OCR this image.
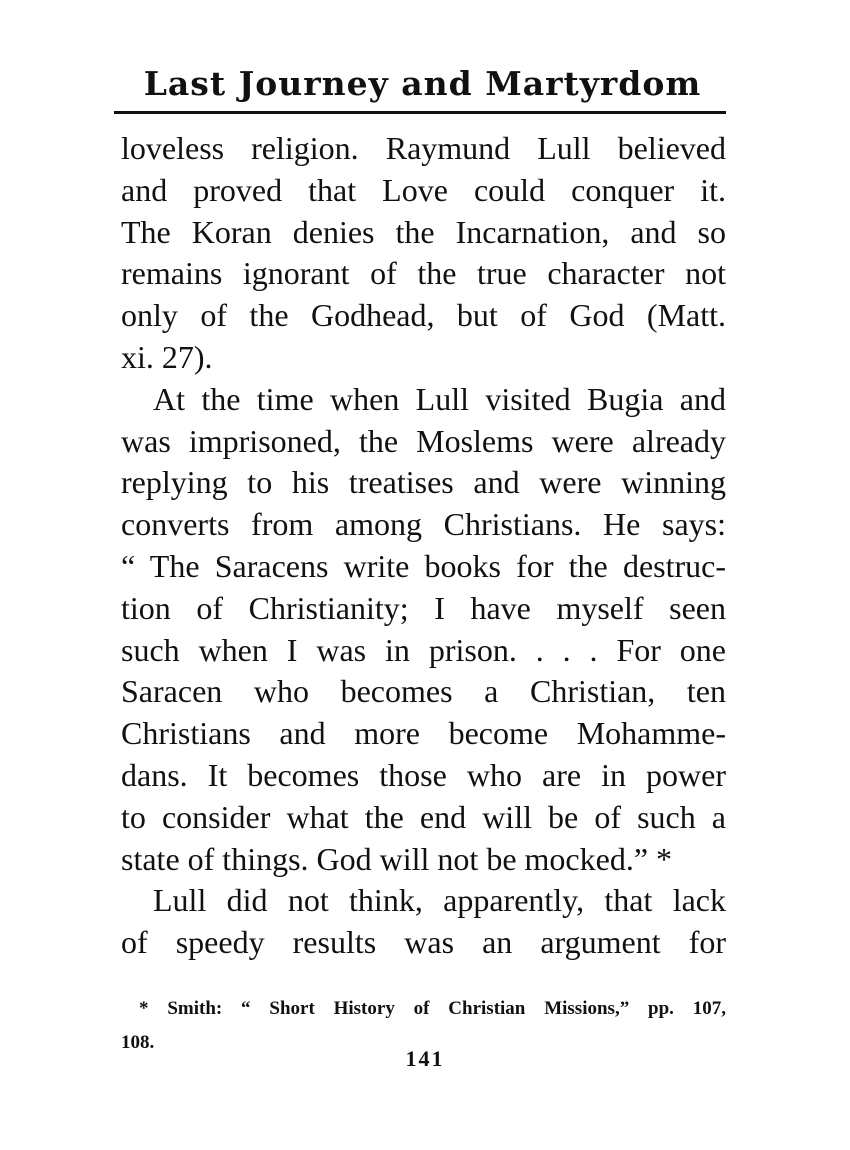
Last Journey and Martyrdom
loveless religion. Raymund Lull believed
and proved that Love could conquer it.
The Koran denies the Incarnation, and so
remains ignorant of the true character not
only of the Godhead, but of God (Matt.
xi. 27).
At the time when Lull visited Bugia and
was imprisoned, the Moslems were already
replying to his treatises and were winning
converts from among Christians. He says:
“ The Saracens write books for the destruc-
tion of Christianity; I have myself seen
such when I was in prison. . . . For one
Saracen who becomes a Christian, ten
Christians and more become Mohamme-
dans. It becomes those who are in power
to consider what the end will be of such a
state of things. God will not be mocked.” *
Lull did not think, apparently, that lack
of speedy results was an argument for
* Smith: “ Short History of Christian Missions,” pp. 107,
108.
141
